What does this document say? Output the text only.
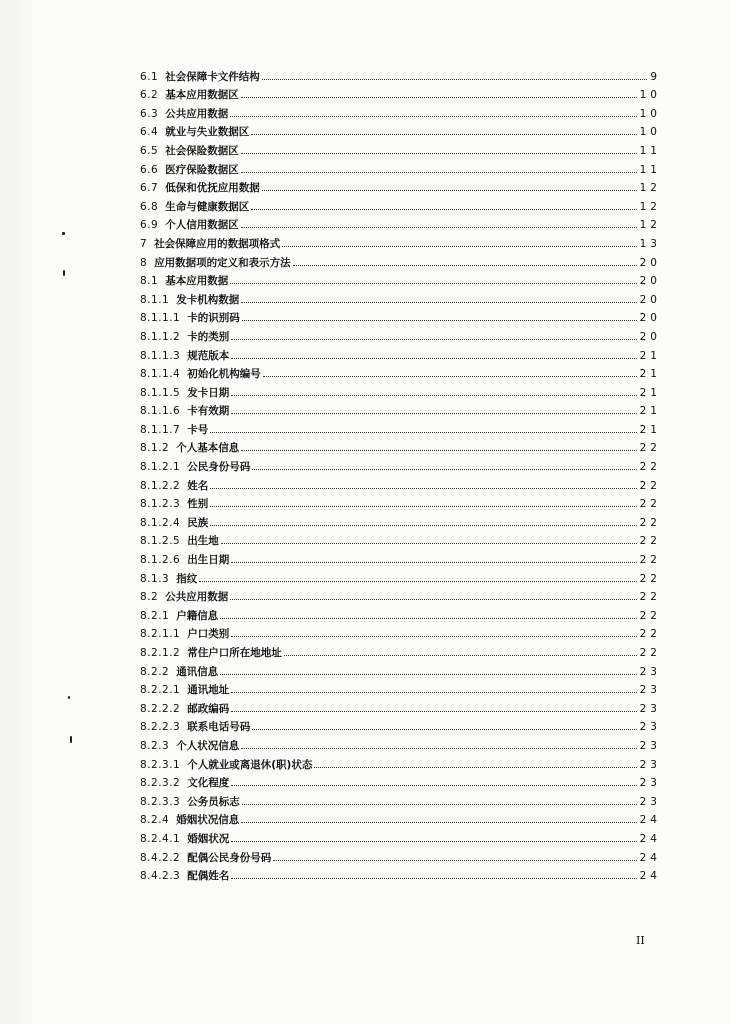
6.1 社会保障卡文件结构	9
6.2 基本应用数据区	10
6.3 公共应用数据	10
6.4 就业与失业数据区	10
6.5 社会保险数据区	11
6.6 医疗保险数据区	11
6.7 低保和优抚应用数据	12
6.8 生命与健康数据区	12
6.9 个人信用数据区	12
7 社会保障应用的数据项格式	13
8 应用数据项的定义和表示方法	20
8.1 基本应用数据	20
8.1.1 发卡机构数据	20
8.1.1.1 卡的识别码	20
8.1.1.2 卡的类别	20
8.1.1.3 规范版本	21
8.1.1.4 初始化机构编号	21
8.1.1.5 发卡日期	21
8.1.1.6 卡有效期	21
8.1.1.7 卡号	21
8.1.2 个人基本信息	22
8.1.2.1 公民身份号码	22
8.1.2.2 姓名	22
8.1.2.3 性别	22
8.1.2.4 民族	22
8.1.2.5 出生地	22
8.1.2.6 出生日期	22
8.1.3 指纹	22
8.2 公共应用数据	22
8.2.1 户籍信息	22
8.2.1.1 户口类别	22
8.2.1.2 常住户口所在地地址	22
8.2.2 通讯信息	23
8.2.2.1 通讯地址	23
8.2.2.2 邮政编码	23
8.2.2.3 联系电话号码	23
8.2.3 个人状况信息	23
8.2.3.1 个人就业或离退休(职)状态	23
8.2.3.2 文化程度	23
8.2.3.3 公务员标志	23
8.2.4 婚姻状况信息	24
8.2.4.1 婚姻状况	24
8.4.2.2 配偶公民身份号码	24
8.4.2.3 配偶姓名	24
II
